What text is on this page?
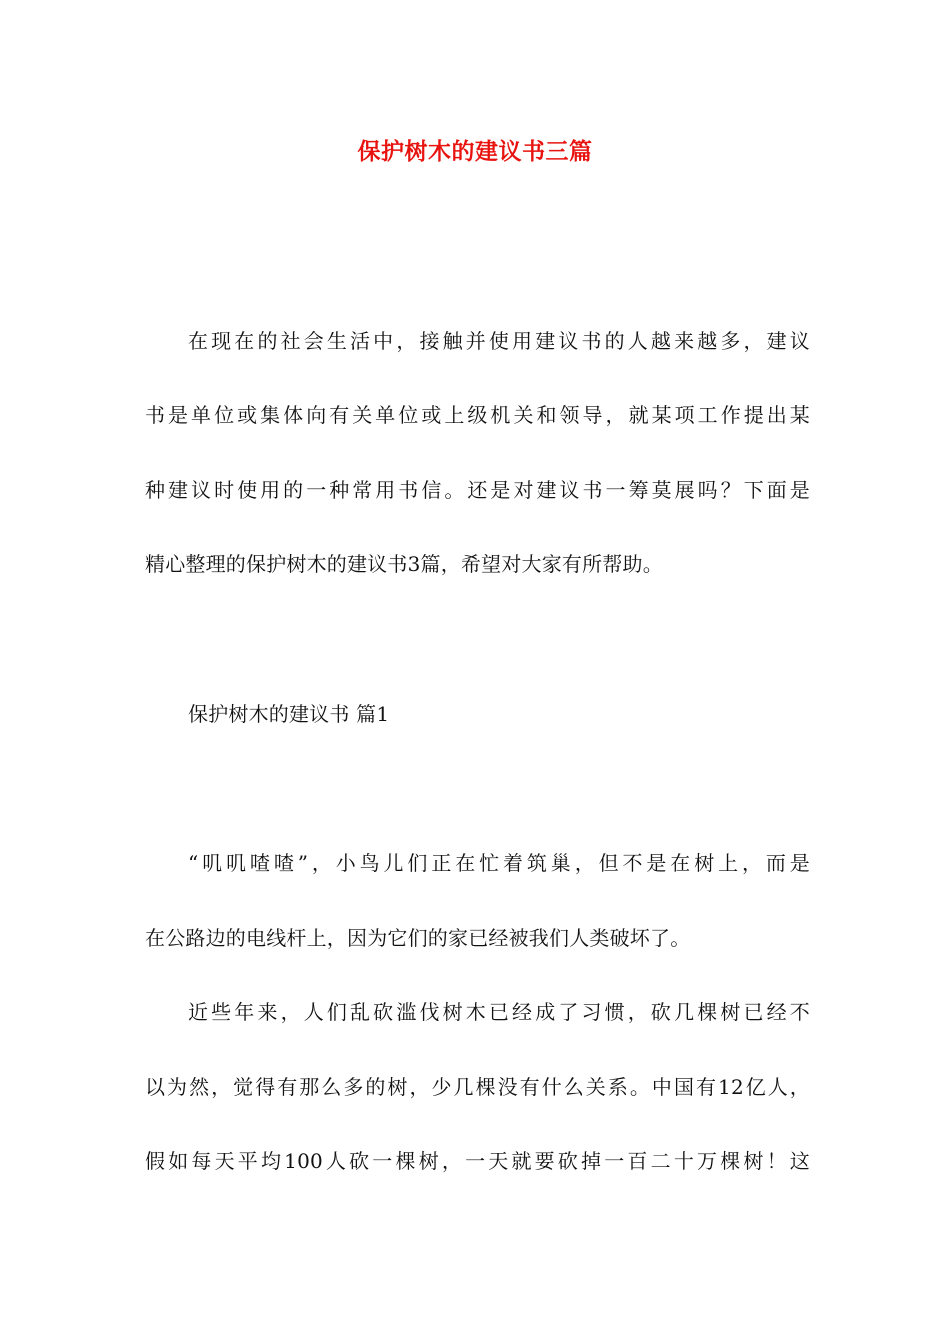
保护树木的建议书三篇
在现在的社会生活中，接触并使用建议书的人越来越多，建议
书是单位或集体向有关单位或上级机关和领导，就某项工作提出某
种建议时使用的一种常用书信。还是对建议书一筹莫展吗？下面是
精心整理的保护树木的建议书3篇，希望对大家有所帮助。
保护树木的建议书 篇1
“叽叽喳喳”，小鸟儿们正在忙着筑巢，但不是在树上，而是
在公路边的电线杆上，因为它们的家已经被我们人类破坏了。
近些年来，人们乱砍滥伐树木已经成了习惯，砍几棵树已经不
以为然，觉得有那么多的树，少几棵没有什么关系。中国有12亿人，
假如每天平均100人砍一棵树，一天就要砍掉一百二十万棵树！这
